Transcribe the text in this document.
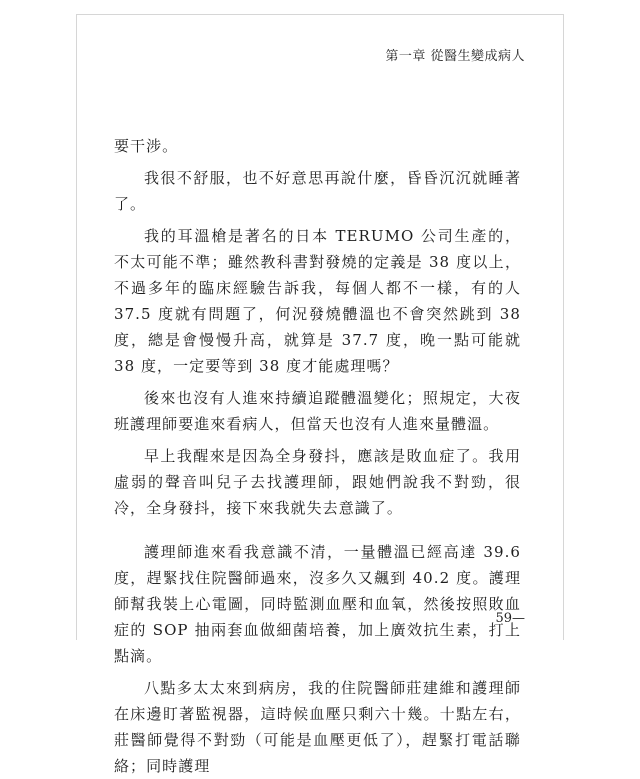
第一章 從醫生變成病人

要干涉。

我很不舒服，也不好意思再說什麼，昏昏沉沉就睡著了。

我的耳溫槍是著名的日本 TERUMO 公司生產的，不太可能不準；雖然教科書對發燒的定義是 38 度以上，不過多年的臨床經驗告訴我，每個人都不一樣，有的人 37.5 度就有問題了，何況發燒體溫也不會突然跳到 38 度，總是會慢慢升高，就算是 37.7 度，晚一點可能就 38 度，一定要等到 38 度才能處理嗎？

後來也沒有人進來持續追蹤體溫變化；照規定，大夜班護理師要進來看病人，但當天也沒有人進來量體溫。

早上我醒來是因為全身發抖，應該是敗血症了。我用虛弱的聲音叫兒子去找護理師，跟她們說我不對勁，很冷，全身發抖，接下來我就失去意識了。

護理師進來看我意識不清，一量體溫已經高達 39.6 度，趕緊找住院醫師過來，沒多久又飆到 40.2 度。護理師幫我裝上心電圖，同時監測血壓和血氧，然後按照敗血症的 SOP 抽兩套血做細菌培養，加上廣效抗生素，打上點滴。

八點多太太來到病房，我的住院醫師莊建維和護理師在床邊盯著監視器，這時候血壓只剩六十幾。十點左右，莊醫師覺得不對勁（可能是血壓更低了），趕緊打電話聯絡；同時護理

59—
